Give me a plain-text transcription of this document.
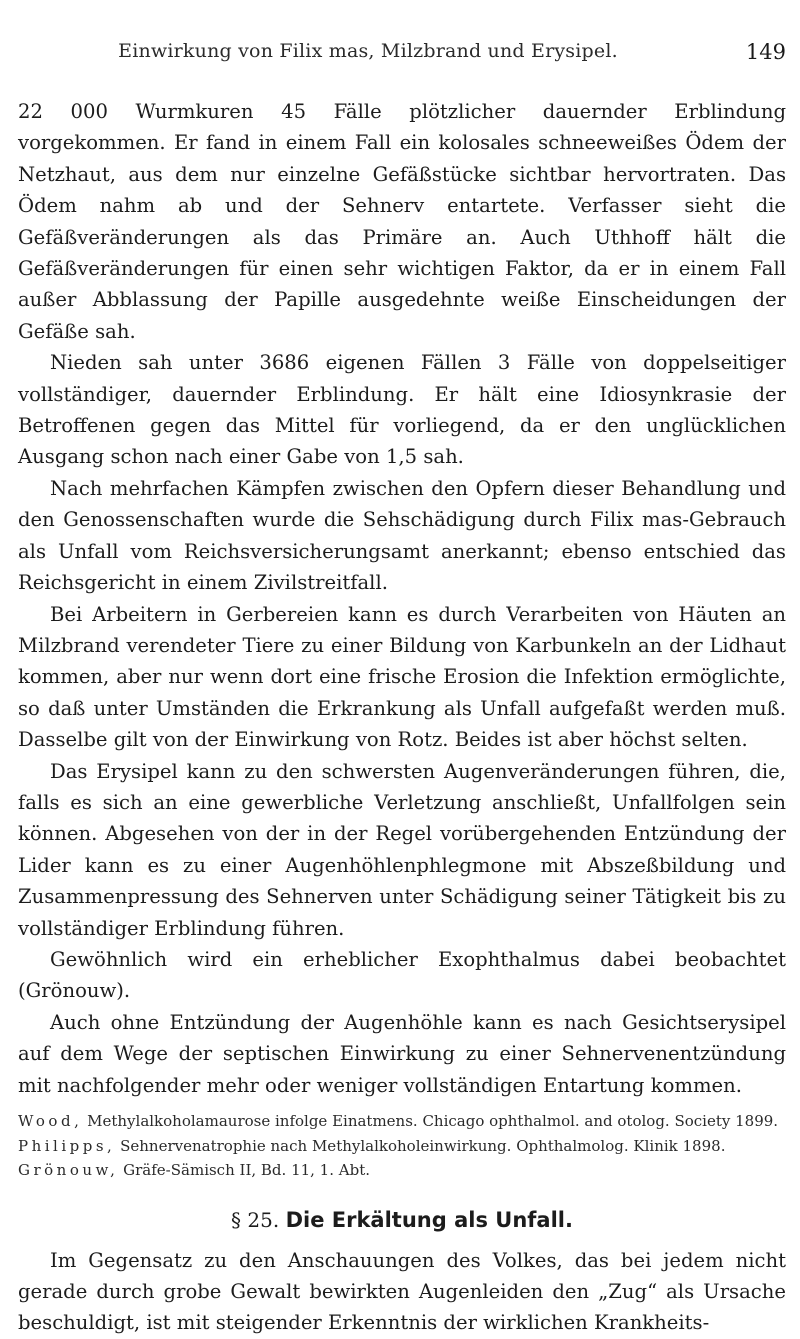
Einwirkung von Filix mas, Milzbrand und Erysipel.	149

22 000 Wurmkuren 45 Fälle plötzlicher dauernder Erblindung vorgekommen. Er fand in einem Fall ein kolosales schneeweißes Ödem der Netzhaut, aus dem nur einzelne Gefäßstücke sichtbar hervortraten. Das Ödem nahm ab und der Sehnerv entartete. Verfasser sieht die Gefäßveränderungen als das Primäre an. Auch Uthhoff hält die Gefäßveränderungen für einen sehr wichtigen Faktor, da er in einem Fall außer Abblassung der Papille ausgedehnte weiße Einscheidungen der Gefäße sah.

Nieden sah unter 3686 eigenen Fällen 3 Fälle von doppelseitiger vollständiger, dauernder Erblindung. Er hält eine Idiosynkrasie der Betroffenen gegen das Mittel für vorliegend, da er den unglücklichen Ausgang schon nach einer Gabe von 1,5 sah.

Nach mehrfachen Kämpfen zwischen den Opfern dieser Behandlung und den Genossenschaften wurde die Sehschädigung durch Filix mas-Gebrauch als Unfall vom Reichsversicherungsamt anerkannt; ebenso entschied das Reichsgericht in einem Zivilstreitfall.

Bei Arbeitern in Gerbereien kann es durch Verarbeiten von Häuten an Milzbrand verendeter Tiere zu einer Bildung von Karbunkeln an der Lidhaut kommen, aber nur wenn dort eine frische Erosion die Infektion ermöglichte, so daß unter Umständen die Erkrankung als Unfall aufgefaßt werden muß. Dasselbe gilt von der Einwirkung von Rotz. Beides ist aber höchst selten.

Das Erysipel kann zu den schwersten Augenveränderungen führen, die, falls es sich an eine gewerbliche Verletzung anschließt, Unfallfolgen sein können. Abgesehen von der in der Regel vorübergehenden Entzündung der Lider kann es zu einer Augenhöhlenphlegmone mit Abszeßbildung und Zusammenpressung des Sehnerven unter Schädigung seiner Tätigkeit bis zu vollständiger Erblindung führen.

Gewöhnlich wird ein erheblicher Exophthalmus dabei beobachtet (Grönouw).

Auch ohne Entzündung der Augenhöhle kann es nach Gesichtserysipel auf dem Wege der septischen Einwirkung zu einer Sehnervenentzündung mit nachfolgender mehr oder weniger vollständigen Entartung kommen.

Wood, Methylalkoholamaurose infolge Einatmens. Chicago ophthalmol. and otolog. Society 1899.

Philipps, Sehnervenatrophie nach Methylalkoholeinwirkung. Ophthalmolog. Klinik 1898.

Grönouw, Gräfe-Sämisch II, Bd. 11, 1. Abt.

§ 25. Die Erkältung als Unfall.

Im Gegensatz zu den Anschauungen des Volkes, das bei jedem nicht gerade durch grobe Gewalt bewirkten Augenleiden den „Zug“ als Ursache beschuldigt, ist mit steigender Erkenntnis der wirklichen Krankheits-
